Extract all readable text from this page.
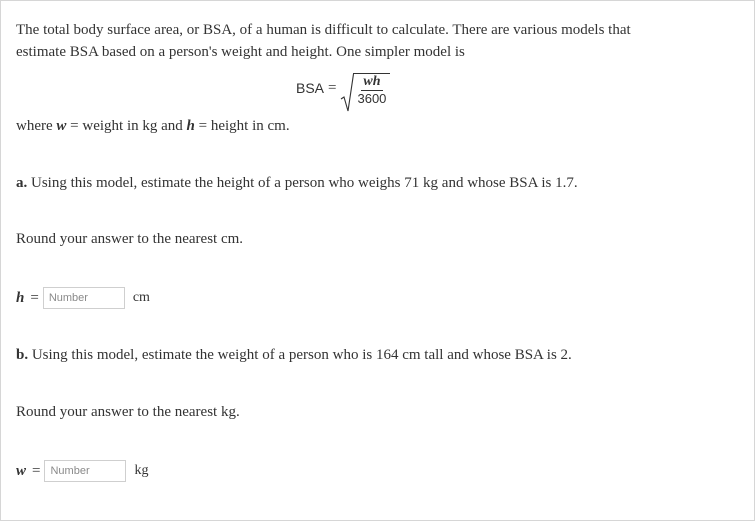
The total body surface area, or BSA, of a human is difficult to calculate. There are various models that
estimate BSA based on a person's weight and height. One simpler model is
BSA = $\frac{wh}{3600}$
where w = weight in kg and h = height in cm.
a. Using this model, estimate the height of a person who weighs 71 kg and whose BSA is 1.7.
Round your answer to the nearest cm.
h =
Number	cm
b. Using this model, estimate the weight of a person who is 164 cm tall and whose BSA is 2.
Round your answer to the nearest kg.
w =
Number	kg
